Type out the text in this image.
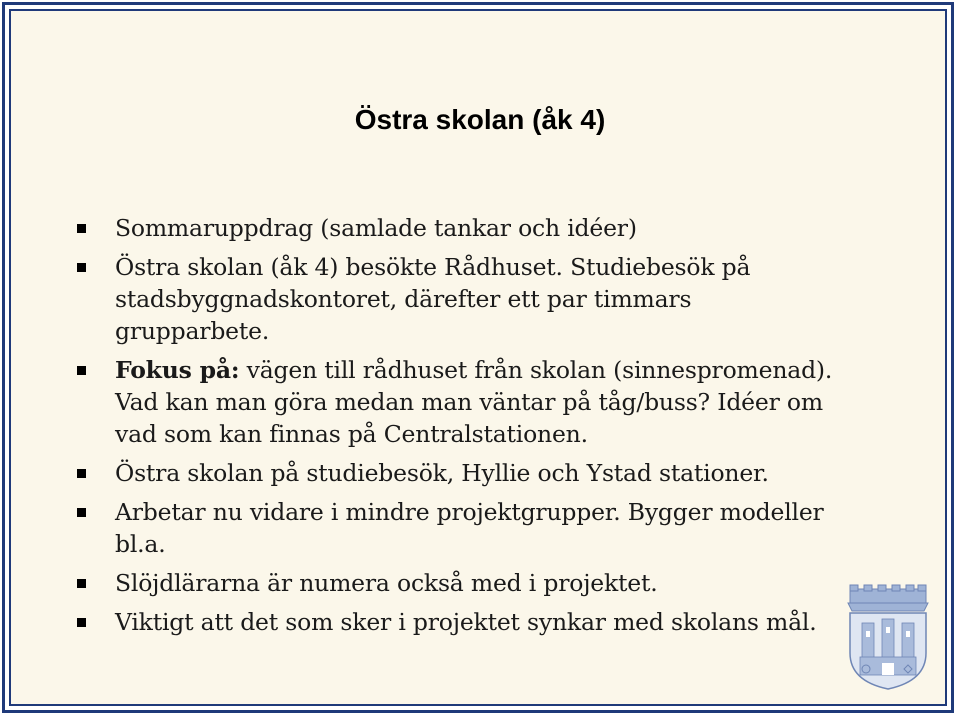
Östra skolan (åk 4)
Sommaruppdrag (samlade tankar och idéer)
Östra skolan (åk 4) besökte Rådhuset. Studiebesök på stadsbyggnadskontoret, därefter ett par timmars grupparbete.
Fokus på: vägen till rådhuset från skolan (sinnespromenad). Vad kan man göra medan man väntar på tåg/buss? Idéer om vad som kan finnas på Centralstationen.
Östra skolan på studiebesök, Hyllie och Ystad stationer.
Arbetar nu vidare i mindre projektgrupper. Bygger modeller bl.a.
Slöjdlärarna är numera också med i projektet.
Viktigt att det som sker i projektet synkar med skolans mål.
